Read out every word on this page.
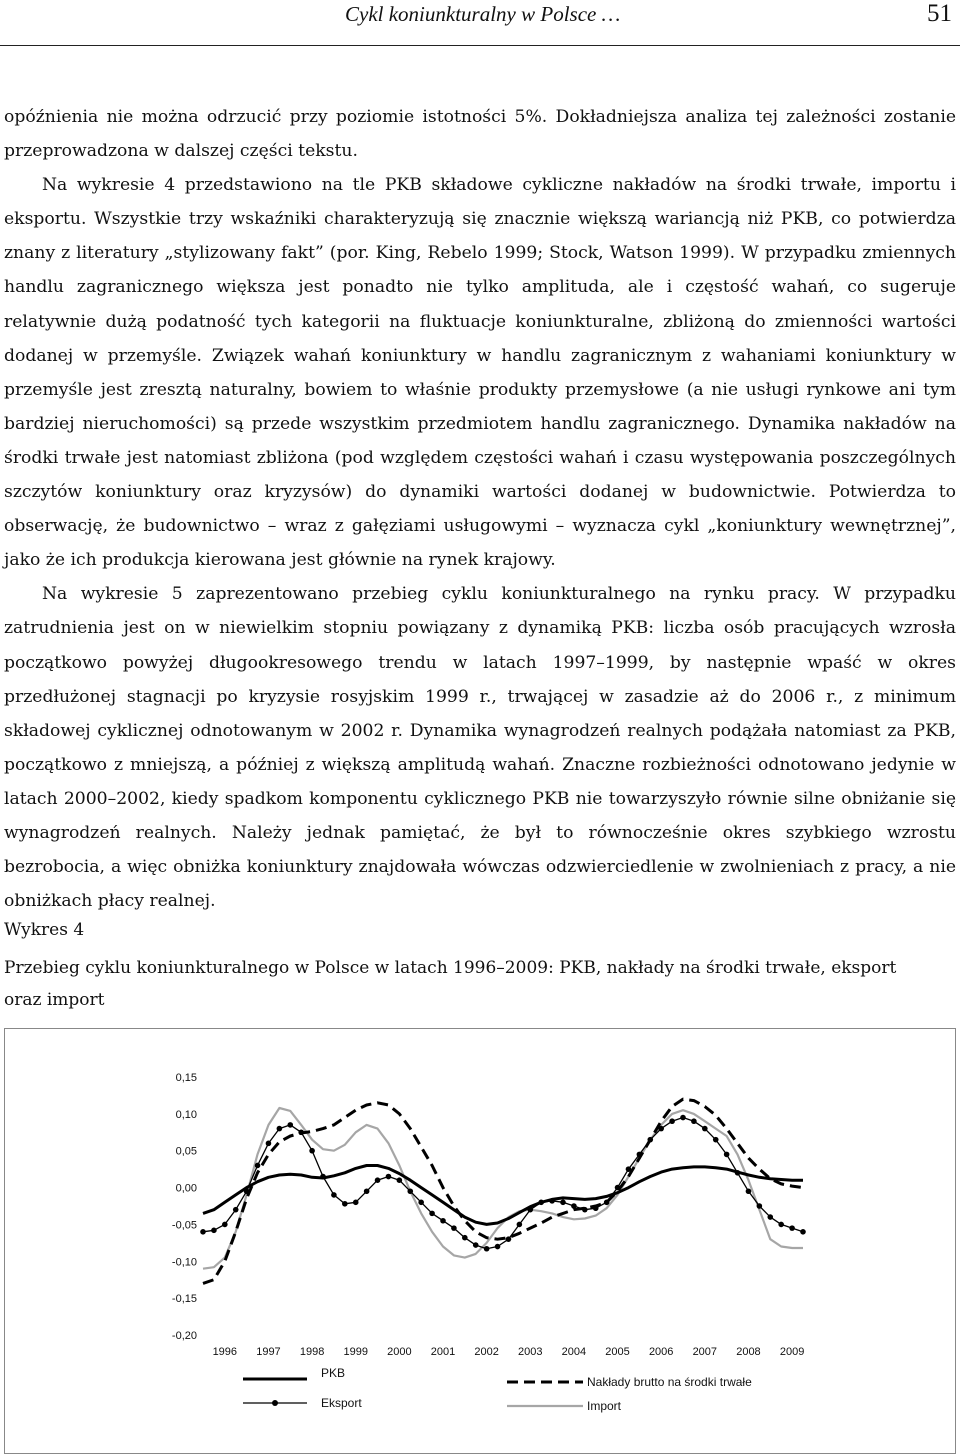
Cykl koniunkturalny w Polsce …	51

opóźnienia nie można odrzucić przy poziomie istotności 5%. Dokładniejsza analiza tej zależności zostanie przeprowadzona w dalszej części tekstu.

Na wykresie 4 przedstawiono na tle PKB składowe cykliczne nakładów na środki trwałe, importu i eksportu. Wszystkie trzy wskaźniki charakteryzują się znacznie większą wariancją niż PKB, co potwierdza znany z literatury „stylizowany fakt” (por. King, Rebelo 1999; Stock, Watson 1999). W przypadku zmiennych handlu zagranicznego większa jest ponadto nie tylko amplituda, ale i częstość wahań, co sugeruje relatywnie dużą podatność tych kategorii na fluktuacje koniunkturalne, zbliżoną do zmienności wartości dodanej w przemyśle. Związek wahań koniunktury w handlu zagranicznym z wahaniami koniunktury w przemyśle jest zresztą naturalny, bowiem to właśnie produkty przemysłowe (a nie usługi rynkowe ani tym bardziej nieruchomości) są przede wszystkim przedmiotem handlu zagranicznego. Dynamika nakładów na środki trwałe jest natomiast zbliżona (pod względem częstości wahań i czasu występowania poszczególnych szczytów koniunktury oraz kryzysów) do dynamiki wartości dodanej w budownictwie. Potwierdza to obserwację, że budownictwo – wraz z gałęziami usługowymi – wyznacza cykl „koniunktury wewnętrznej”, jako że ich produkcja kierowana jest głównie na rynek krajowy.

Na wykresie 5 zaprezentowano przebieg cyklu koniunkturalnego na rynku pracy. W przypadku zatrudnienia jest on w niewielkim stopniu powiązany z dynamiką PKB: liczba osób pracujących wzrosła początkowo powyżej długookresowego trendu w latach 1997–1999, by następnie wpaść w okres przedłużonej stagnacji po kryzysie rosyjskim 1999 r., trwającej w zasadzie aż do 2006 r., z minimum składowej cyklicznej odnotowanym w 2002 r. Dynamika wynagrodzeń realnych podążała natomiast za PKB, początkowo z mniejszą, a później z większą amplitudą wahań. Znaczne rozbieżności odnotowano jedynie w latach 2000–2002, kiedy spadkom komponentu cyklicznego PKB nie towarzyszyło równie silne obniżanie się wynagrodzeń realnych. Należy jednak pamiętać, że był to równocześnie okres szybkiego wzrostu bezrobocia, a więc obniżka koniunktury znajdowała wówczas odzwierciedlenie w zwolnieniach z pracy, a nie obniżkach płacy realnej.

Wykres 4
Przebieg cyklu koniunkturalnego w Polsce w latach 1996–2009: PKB, nakłady na środki trwałe, eksport oraz import
0,15
0,10
0,05
0,00
-0,05
-0,10
-0,15
-0,20
1996 1997 1998 1999 2000 2001 2002 2003 2004 2005 2006 2007 2008 2009
PKB
Eksport
Nakłady brutto na środki trwałe
Import
